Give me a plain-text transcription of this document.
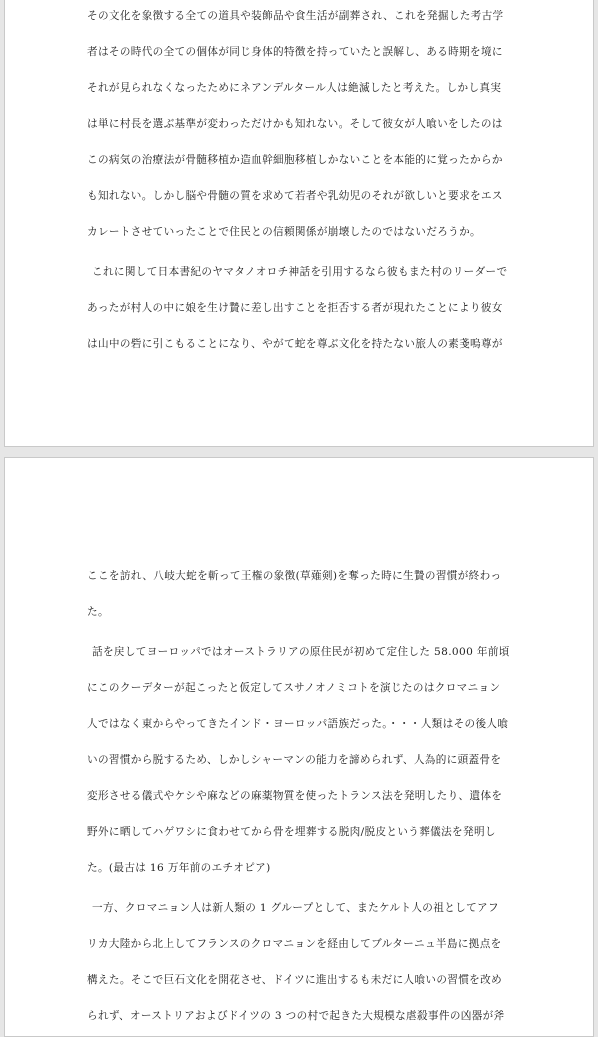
その文化を象徴する全ての道具や装飾品や食生活が副葬され、これを発掘した考古学
者はその時代の全ての個体が同じ身体的特徴を持っていたと誤解し、ある時期を境に
それが見られなくなったためにネアンデルタール人は絶滅したと考えた。しかし真実
は単に村長を選ぶ基準が変わっただけかも知れない。そして彼女が人喰いをしたのは
この病気の治療法が骨髄移植か造血幹細胞移植しかないことを本能的に覚ったからか
も知れない。しかし脳や骨髄の質を求めて若者や乳幼児のそれが欲しいと要求をエス
カレートさせていったことで住民との信頼関係が崩壊したのではないだろうか。
これに関して日本書紀のヤマタノオロチ神話を引用するなら彼もまた村のリーダーで
あったが村人の中に娘を生け贄に差し出すことを拒否する者が現れたことにより彼女
は山中の砦に引こもることになり、やがて蛇を尊ぶ文化を持たない旅人の素戔嗚尊が
ここを訪れ、八岐大蛇を斬って王権の象徴(草薙剣)を奪った時に生贄の習慣が終わっ
た。
話を戻してヨーロッパではオーストラリアの原住民が初めて定住した 58.000 年前頃
にこのクーデターが起こったと仮定してスサノオノミコトを演じたのはクロマニョン
人ではなく東からやってきたインド・ヨーロッパ語族だった。・・・人類はその後人喰
いの習慣から脱するため、しかしシャーマンの能力を諦められず、人為的に頭蓋骨を
変形させる儀式やケシや麻などの麻薬物質を使ったトランス法を発明したり、遺体を
野外に晒してハゲワシに食わせてから骨を埋葬する脱肉/脱皮という葬儀法を発明し
た。(最古は 16 万年前のエチオピア)
一方、クロマニョン人は新人類の 1 グループとして、またケルト人の祖としてアフ
リカ大陸から北上してフランスのクロマニョンを経由してブルターニュ半島に拠点を
構えた。そこで巨石文化を開花させ、ドイツに進出するも未だに人喰いの習慣を改め
られず、オーストリアおよびドイツの 3 つの村で起きた大規模な虐殺事件の凶器が斧
